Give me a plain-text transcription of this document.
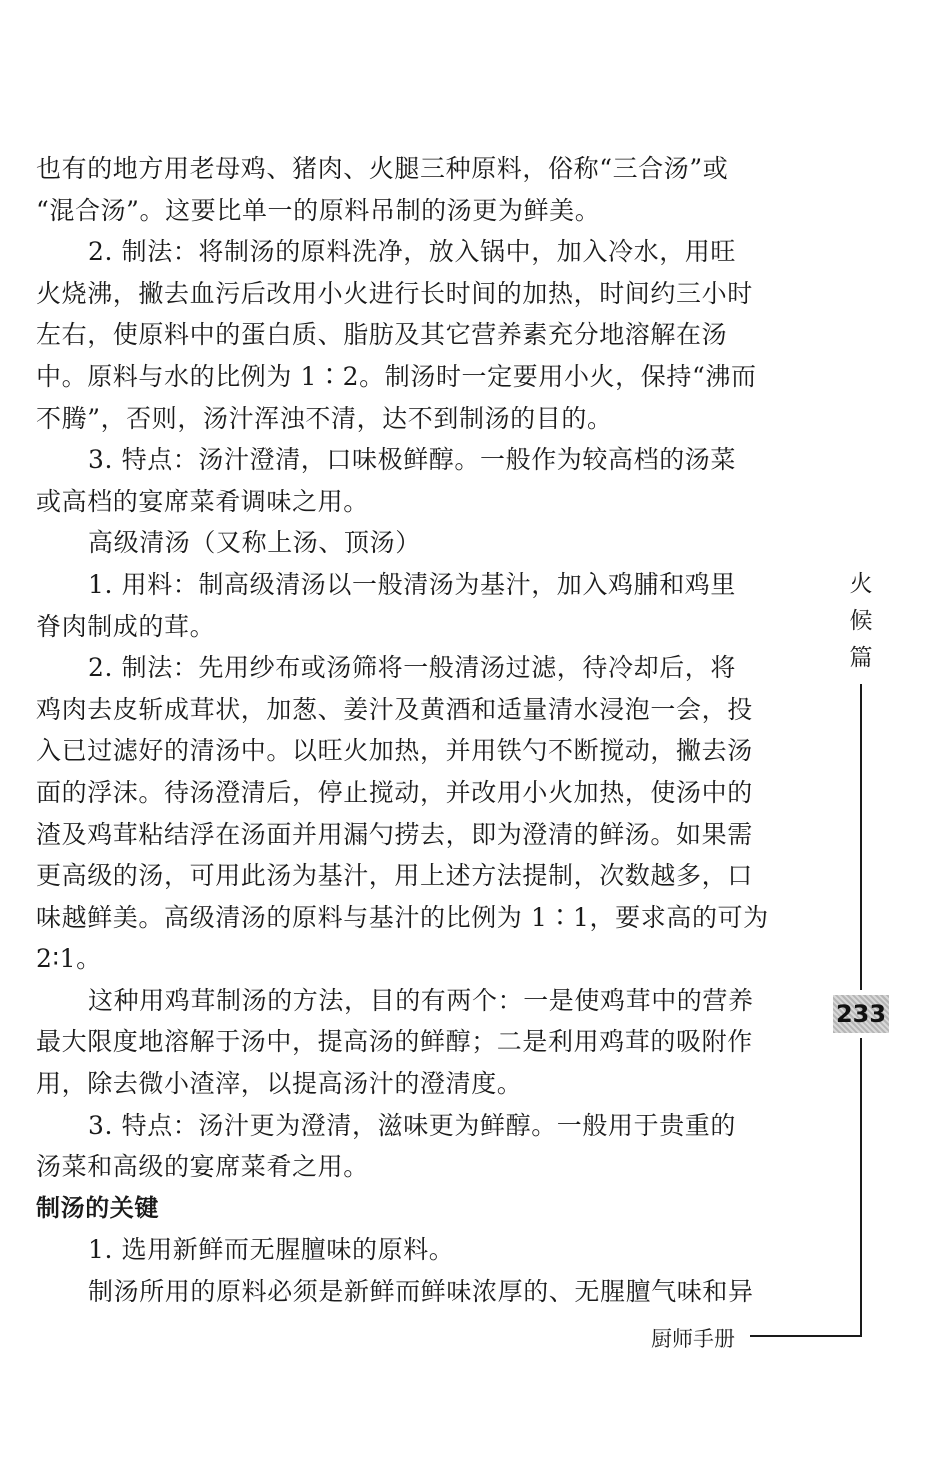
也有的地方用老母鸡、猪肉、火腿三种原料，俗称“三合汤”或
“混合汤”。这要比单一的原料吊制的汤更为鲜美。
2. 制法：将制汤的原料洗净，放入锅中，加入冷水，用旺
火烧沸，撇去血污后改用小火进行长时间的加热，时间约三小时
左右，使原料中的蛋白质、脂肪及其它营养素充分地溶解在汤
中。原料与水的比例为 1∶2。制汤时一定要用小火，保持“沸而
不腾”，否则，汤汁浑浊不清，达不到制汤的目的。
3. 特点：汤汁澄清，口味极鲜醇。一般作为较高档的汤菜
或高档的宴席菜肴调味之用。
高级清汤（又称上汤、顶汤）
1. 用料：制高级清汤以一般清汤为基汁，加入鸡脯和鸡里
脊肉制成的茸。
2. 制法：先用纱布或汤筛将一般清汤过滤，待冷却后，将
鸡肉去皮斩成茸状，加葱、姜汁及黄酒和适量清水浸泡一会，投
入已过滤好的清汤中。以旺火加热，并用铁勺不断搅动，撇去汤
面的浮沫。待汤澄清后，停止搅动，并改用小火加热，使汤中的
渣及鸡茸粘结浮在汤面并用漏勺捞去，即为澄清的鲜汤。如果需
更高级的汤，可用此汤为基汁，用上述方法提制，次数越多，口
味越鲜美。高级清汤的原料与基汁的比例为 1∶1，要求高的可为
2∶1。
这种用鸡茸制汤的方法，目的有两个：一是使鸡茸中的营养
最大限度地溶解于汤中，提高汤的鲜醇；二是利用鸡茸的吸附作
用，除去微小渣滓，以提高汤汁的澄清度。
3. 特点：汤汁更为澄清，滋味更为鲜醇。一般用于贵重的
汤菜和高级的宴席菜肴之用。
制汤的关键
1. 选用新鲜而无腥膻味的原料。
制汤所用的原料必须是新鲜而鲜味浓厚的、无腥膻气味和异
火
候
篇
233
厨师手册
